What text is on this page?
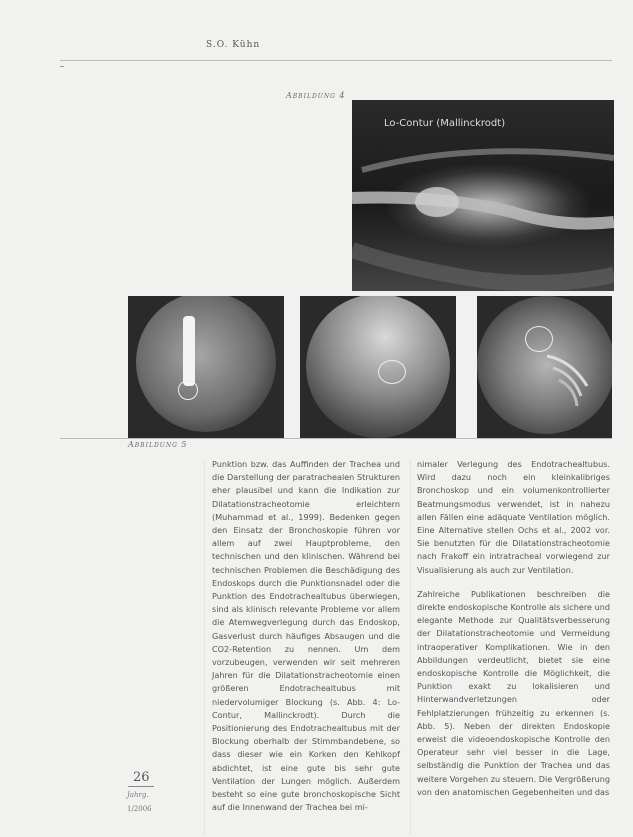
S.O. Kühn
Abbildung 4
Lo-Contur (Mallinckrodt)
Abbildung 5

Punktion bzw. das Auffinden der Trachea und die Darstellung der paratrachealen Strukturen eher plausibel und kann die Indikation zur Dilatationstracheotomie erleichtern (Muhammad et al., 1999). Bedenken gegen den Einsatz der Bronchoskopie führen vor allem auf zwei Hauptprobleme, den technischen und den klinischen. Während bei technischen Problemen die Beschädigung des Endoskops durch die Punktionsnadel oder die Punktion des Endotrachealtubus überwiegen, sind als klinisch relevante Probleme vor allem die Atemwegverlegung durch das Endoskop, Gasverlust durch häufiges Absaugen und die CO2-Retention zu nennen. Um dem vorzubeugen, verwenden wir seit mehreren Jahren für die Dilatationstracheotomie einen größeren Endotrachealtubus mit niedervolumiger Blockung (s. Abb. 4: Lo-Contur, Mallinckrodt). Durch die Positionierung des Endotrachealtubus mit der Blockung oberhalb der Stimmbandebene, so dass dieser wie ein Korken den Kehlkopf abdichtet, ist eine gute bis sehr gute Ventilation der Lungen möglich. Außerdem besteht so eine gute bronchoskopische Sicht auf die Innenwand der Trachea bei mi-

nimaler Verlegung des Endotrachealtubus. Wird dazu noch ein kleinkalibriges Bronchoskop und ein volumenkontrollierter Beatmungsmodus verwendet, ist in nahezu allen Fällen eine adäquate Ventilation möglich. Eine Alternative stellen Ochs et al., 2002 vor. Sie benutzten für die Dilatationstracheotomie nach Frakoff ein intratracheal vorwiegend zur Visualisierung als auch zur Ventilation.

Zahlreiche Publikationen beschreiben die direkte endoskopische Kontrolle als sichere und elegante Methode zur Qualitätsverbesserung der Dilatationstracheotomie und Vermeidung intraoperativer Komplikationen. Wie in den Abbildungen verdeutlicht, bietet sie eine endoskopische Kontrolle die Möglichkeit, die Punktion exakt zu lokalisieren und Hinterwandverletzungen oder Fehlplatzierungen frühzeitig zu erkennen (s. Abb. 5). Neben der direkten Endoskopie erweist die videoendoskopische Kontrolle den Operateur sehr viel besser in die Lage, selbständig die Punktion der Trachea und das weitere Vorgehen zu steuern. Die Vergrößerung von den anatomischen Gegebenheiten und das

26
Jahrg.
1/2006
